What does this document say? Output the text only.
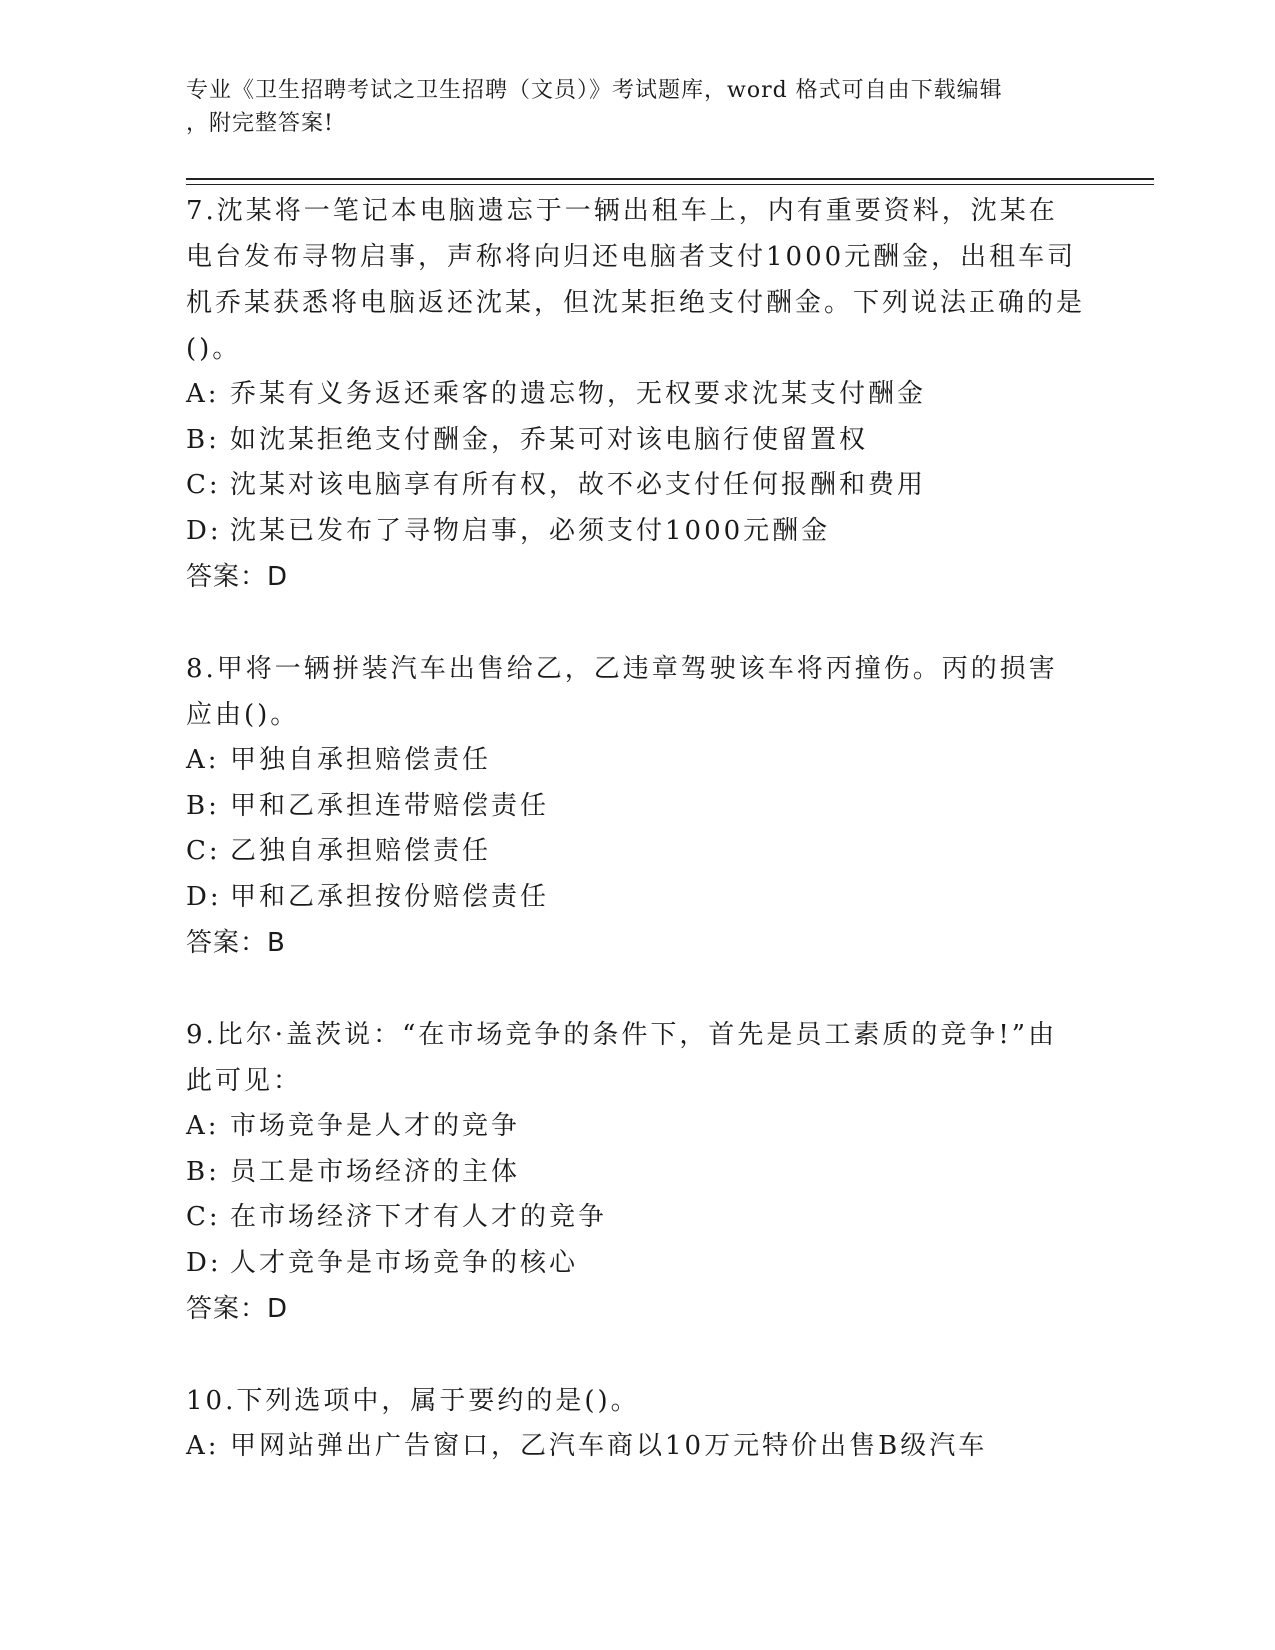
专业《卫生招聘考试之卫生招聘（文员）》考试题库，word 格式可自由下载编辑
，附完整答案!
7.沈某将一笔记本电脑遗忘于一辆出租车上，内有重要资料，沈某在电台发布寻物启事，声称将向归还电脑者支付1000元酬金，出租车司机乔某获悉将电脑返还沈某，但沈某拒绝支付酬金。下列说法正确的是()。
A: 乔某有义务返还乘客的遗忘物，无权要求沈某支付酬金
B: 如沈某拒绝支付酬金，乔某可对该电脑行使留置权
C: 沈某对该电脑享有所有权，故不必支付任何报酬和费用
D: 沈某已发布了寻物启事，必须支付1000元酬金
答案：D
8.甲将一辆拼装汽车出售给乙，乙违章驾驶该车将丙撞伤。丙的损害应由()。
A: 甲独自承担赔偿责任
B: 甲和乙承担连带赔偿责任
C: 乙独自承担赔偿责任
D: 甲和乙承担按份赔偿责任
答案：B
9.比尔·盖茨说：“在市场竞争的条件下，首先是员工素质的竞争!”由此可见：
A: 市场竞争是人才的竞争
B: 员工是市场经济的主体
C: 在市场经济下才有人才的竞争
D: 人才竞争是市场竞争的核心
答案：D
10.下列选项中，属于要约的是()。
A: 甲网站弹出广告窗口，乙汽车商以10万元特价出售B级汽车
